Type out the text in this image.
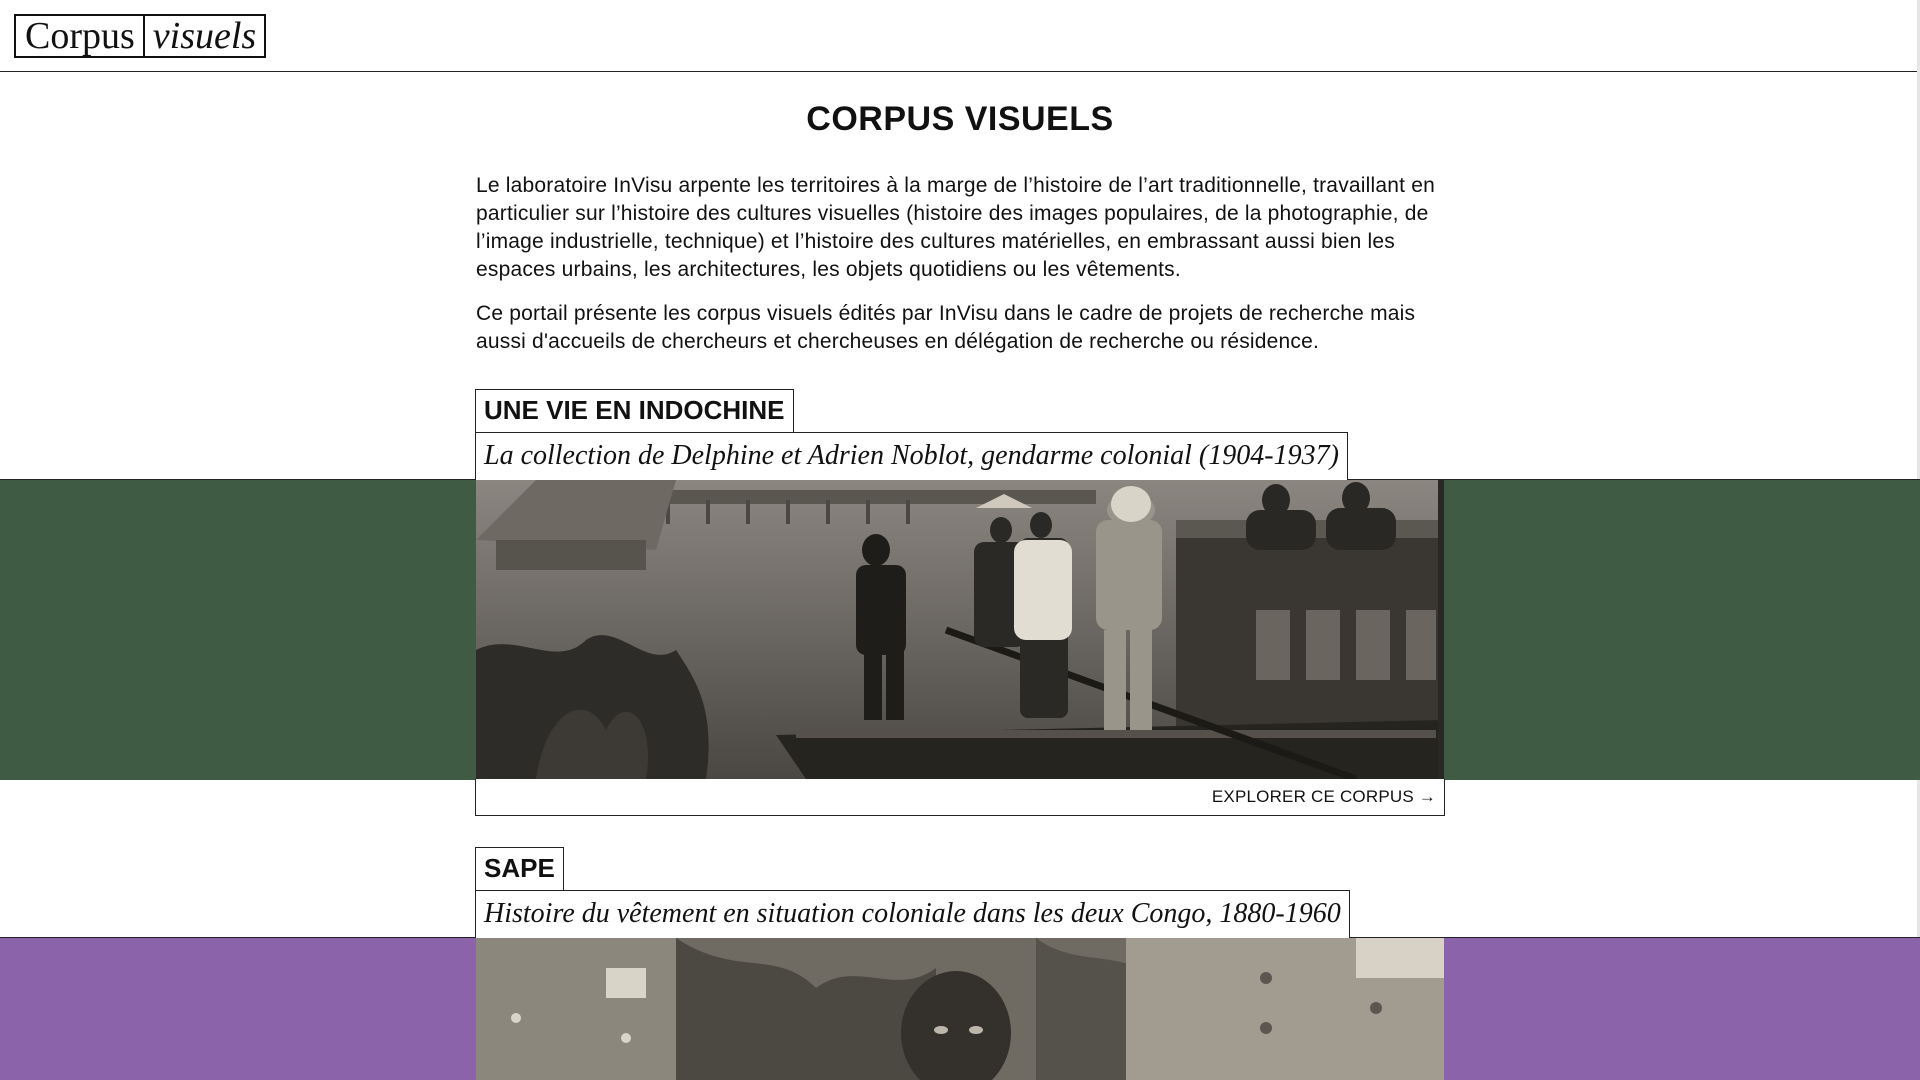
Corpus visuels
CORPUS VISUELS

Le laboratoire InVisu arpente les territoires à la marge de l’histoire de l’art traditionnelle, travaillant en particulier sur l’histoire des cultures visuelles (histoire des images populaires, de la photographie, de l’image industrielle, technique) et l’histoire des cultures matérielles, en embrassant aussi bien les espaces urbains, les architectures, les objets quotidiens ou les vêtements.

Ce portail présente les corpus visuels édités par InVisu dans le cadre de projets de recherche mais aussi d'accueils de chercheurs et chercheuses en délégation de recherche ou résidence.

UNE VIE EN INDOCHINE
La collection de Delphine et Adrien Noblot, gendarme colonial (1904-1937)
EXPLORER CE CORPUS →
SAPE
Histoire du vêtement en situation coloniale dans les deux Congo, 1880-1960
